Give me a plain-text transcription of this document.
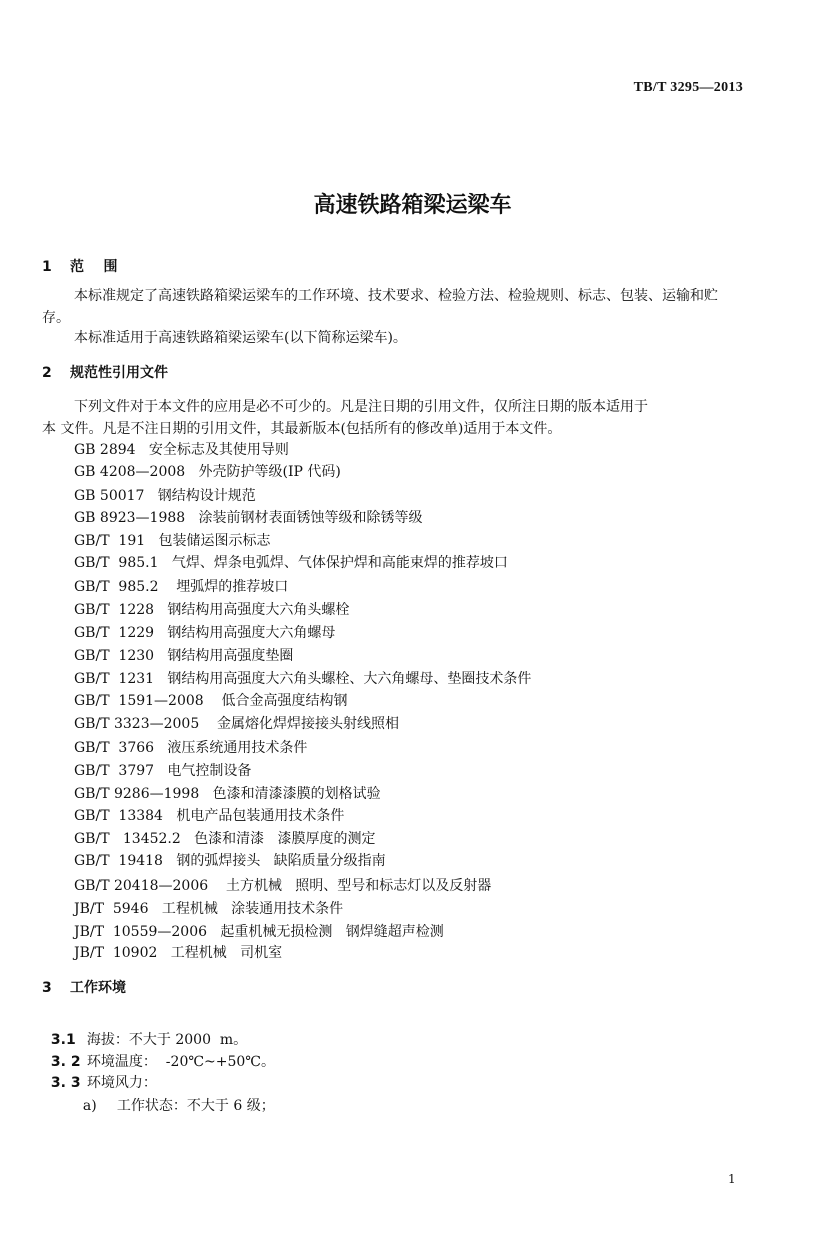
TB/T 3295—2013
高速铁路箱梁运梁车
1 范    围
本标准规定了高速铁路箱梁运梁车的工作环境、技术要求、检验方法、检验规则、标志、包装、运输和贮存。
本标准适用于高速铁路箱梁运梁车(以下简称运梁车)。
2 规范性引用文件
下列文件对于本文件的应用是必不可少的。凡是注日期的引用文件，仅所注日期的版本适用于
本 文件。凡是不注日期的引用文件，其最新版本(包括所有的修改单)适用于本文件。
GB 2894   安全标志及其使用导则
GB 4208—2008   外壳防护等级(IP 代码)
GB 50017   钢结构设计规范
GB 8923—1988   涂装前钢材表面锈蚀等级和除锈等级
GB/T  191   包装储运图示标志
GB/T  985.1   气焊、焊条电弧焊、气体保护焊和高能束焊的推荐坡口
GB/T  985.2    埋弧焊的推荐坡口
GB/T  1228   钢结构用高强度大六角头螺栓
GB/T  1229   钢结构用高强度大六角螺母
GB/T  1230   钢结构用高强度垫圈
GB/T  1231   钢结构用高强度大六角头螺栓、大六角螺母、垫圈技术条件
GB/T  1591—2008    低合金高强度结构钢
GB/T 3323—2005    金属熔化焊焊接接头射线照相
GB/T  3766   液压系统通用技术条件
GB/T  3797   电气控制设备
GB/T 9286—1998   色漆和清漆漆膜的划格试验
GB/T  13384   机电产品包装通用技术条件
GB/T   13452.2   色漆和清漆   漆膜厚度的测定
GB/T  19418   钢的弧焊接头   缺陷质量分级指南
GB/T 20418—2006    土方机械   照明、型号和标志灯以及反射器
JB/T  5946   工程机械   涂装通用技术条件
JB/T  10559—2006   起重机械无损检测   钢焊缝超声检测
JB/T  10902   工程机械   司机室
3 工作环境

3.1 海拔：不大于 2000  m。

3. 2 环境温度：  -20℃~+50℃。

3. 3 环境风力：

a) 工作状态：不大于 6 级；

1
